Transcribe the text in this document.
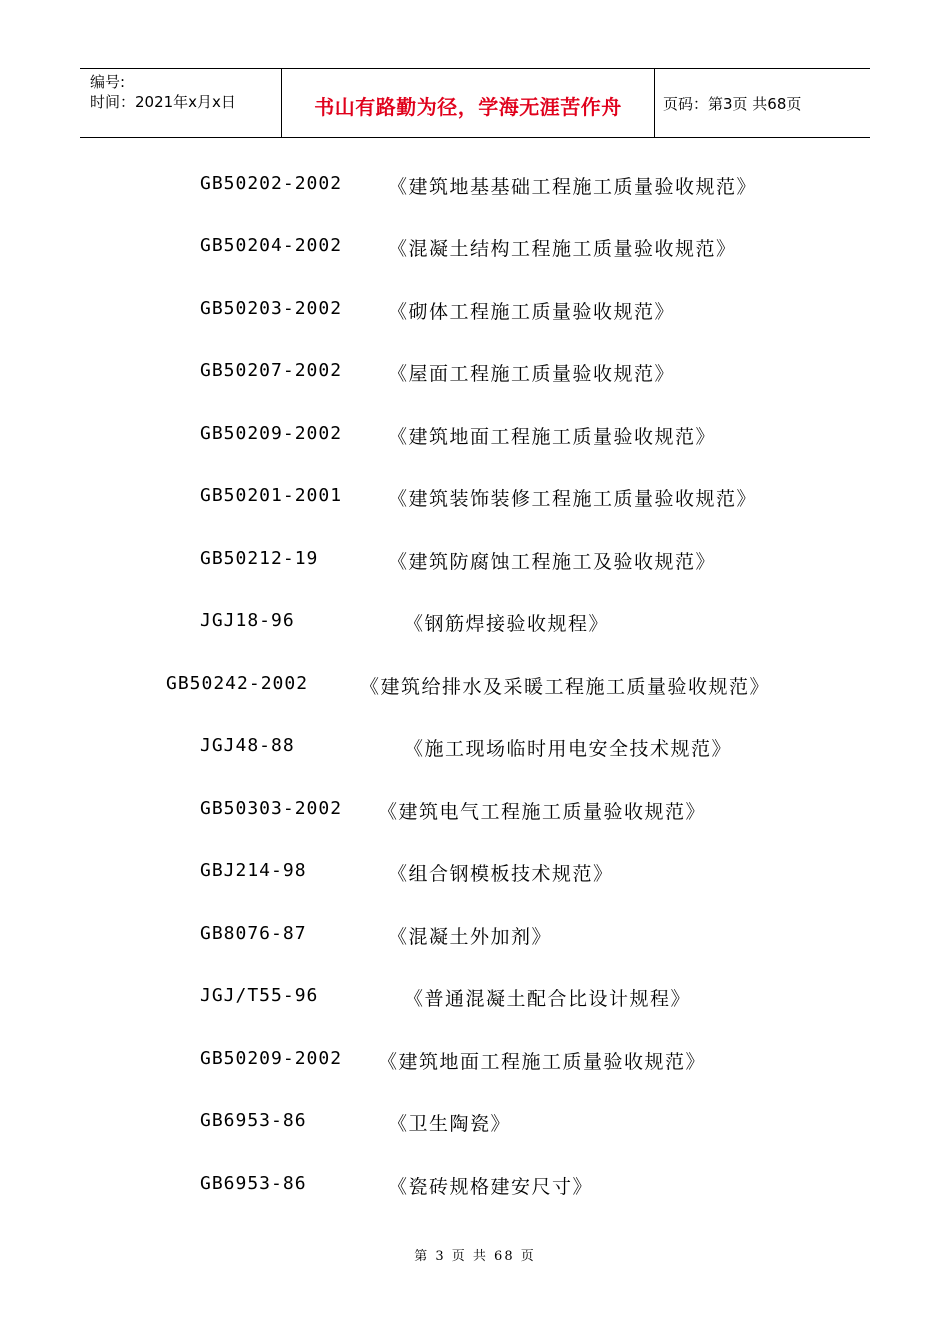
编号:
时间：2021年x月x日	书山有路勤为径，学海无涯苦作舟	页码：第3页 共68页
GB50202-2002 《建筑地基基础工程施工质量验收规范》
GB50204-2002 《混凝土结构工程施工质量验收规范》
GB50203-2002 《砌体工程施工质量验收规范》
GB50207-2002 《屋面工程施工质量验收规范》
GB50209-2002 《建筑地面工程施工质量验收规范》
GB50201-2001 《建筑装饰装修工程施工质量验收规范》
GB50212-19	《建筑防腐蚀工程施工及验收规范》
JGJ18-96	《钢筋焊接验收规程》
GB50242-2002	《建筑给排水及采暖工程施工质量验收规范》
JGJ48-88	《施工现场临时用电安全技术规范》
GB50303-2002 《建筑电气工程施工质量验收规范》
GBJ214-98	《组合钢模板技术规范》
GB8076-87	《混凝土外加剂》
JGJ/T55-96	《普通混凝土配合比设计规程》
GB50209-2002 《建筑地面工程施工质量验收规范》
GB6953-86	《卫生陶瓷》
GB6953-86	《瓷砖规格建安尺寸》
第 3 页 共 68 页
